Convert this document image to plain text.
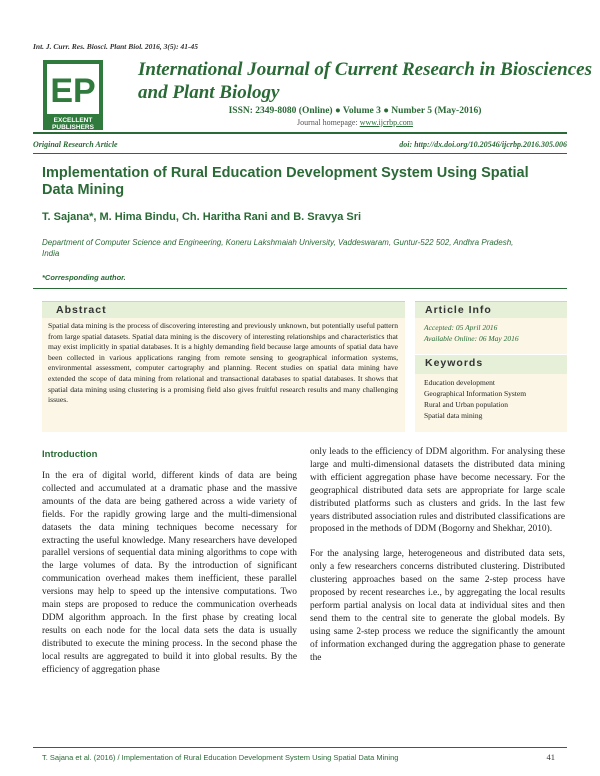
Int. J. Curr. Res. Biosci. Plant Biol. 2016, 3(5): 41-45
EP
EXCELLENT
PUBLISHERS
International Journal of Current Research in Biosciences and Plant Biology
ISSN: 2349-8080 (Online) ● Volume 3 ● Number 5 (May-2016)
Journal homepage: www.ijcrbp.com
Original Research Article	doi: http://dx.doi.org/10.20546/ijcrbp.2016.305.006
Implementation of Rural Education Development System Using Spatial Data Mining
T. Sajana*, M. Hima Bindu, Ch. Haritha Rani and B. Sravya Sri
Department of Computer Science and Engineering, Koneru Lakshmaiah University, Vaddeswaram, Guntur-522 502, Andhra Pradesh, India
*Corresponding author.
Abstract
Spatial data mining is the process of discovering interesting and previously unknown, but potentially useful pattern from large spatial datasets. Spatial data mining is the discovery of interesting relationships and characteristics that may exist implicitly in spatial databases. It is a highly demanding field because large amounts of spatial data have been collected in various applications ranging from remote sensing to geographical information systems, environmental assessment, computer cartography and planning. Recent studies on spatial data mining have extended the scope of data mining from relational and transactional databases to spatial databases. It shows that spatial data mining using clustering is a promising field also gives fruitful research results and many challenging issues.
Article Info
Accepted: 05 April 2016
Available Online: 06 May 2016
Keywords
Education development
Geographical Information System
Rural and Urban population
Spatial data mining
Introduction

In the era of digital world, different kinds of data are being collected and accumulated at a dramatic phase and the massive amounts of the data are being gathered across a wide variety of fields. For the rapidly growing large and the multi-dimensional datasets the data mining techniques become necessary for extracting the useful knowledge. Many researchers have developed parallel versions of sequential data mining algorithms to cope with the large volumes of data. By the introduction of significant communication overhead makes them inefficient, these parallel versions may help to speed up the intensive computations. Two main steps are proposed to reduce the communication overheads DDM algorithm approach. In the first phase by creating local results on each node for the local data sets the data is usually distributed to execute the mining process. In the second phase the local results are aggregated to build it into global results. By the efficiency of aggregation phase

only leads to the efficiency of DDM algorithm. For analysing these large and multi-dimensional datasets the distributed data mining with efficient aggregation phase have become necessary. For the geographical distributed data sets are appropriate for large scale distributed platforms such as clusters and grids. In the last few years distributed association rules and distributed classifications are proposed in the methods of DDM (Bogorny and Shekhar, 2010).

For the analysing large, heterogeneous and distributed data sets, only a few researchers concerns distributed clustering. Distributed clustering approaches based on the same 2-step process have proposed by recent researches i.e., by aggregating the local results perform partial analysis on local data at individual sites and then send them to the central site to generate the global models. By using same 2-step process we reduce the significantly the amount of information exchanged during the aggregation phase to generate the

T. Sajana et al. (2016) / Implementation of Rural Education Development System Using Spatial Data Mining	41
